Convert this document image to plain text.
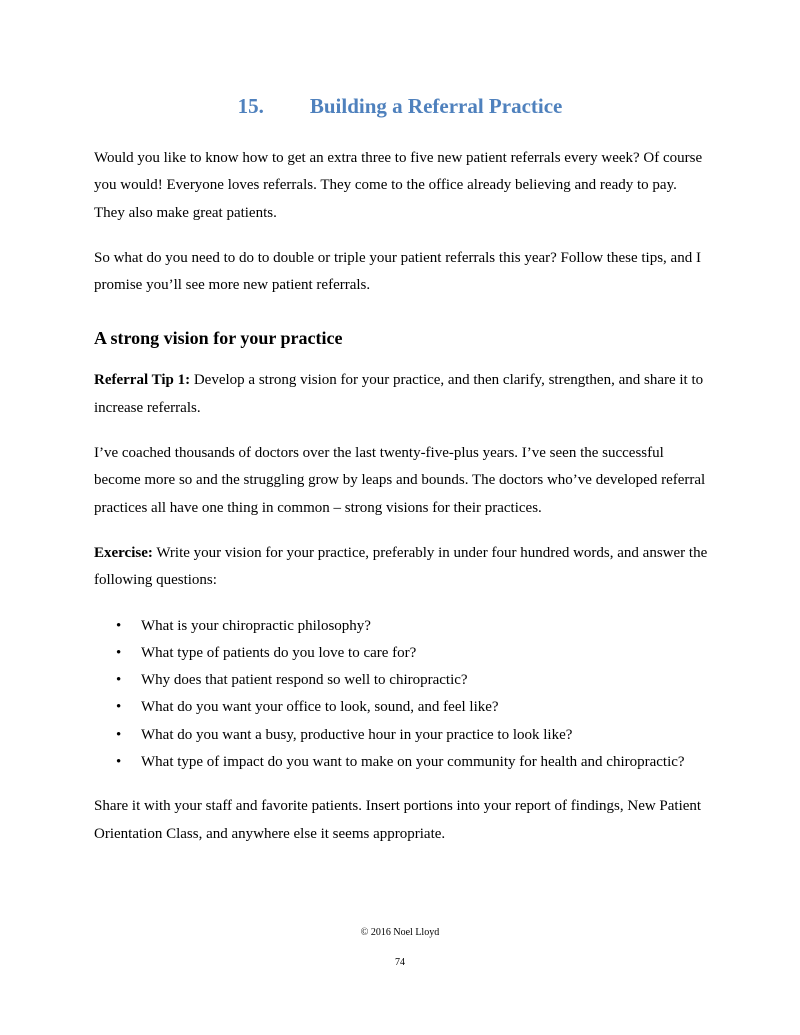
15. Building a Referral Practice

Would you like to know how to get an extra three to five new patient referrals every week? Of course you would! Everyone loves referrals. They come to the office already believing and ready to pay. They also make great patients.

So what do you need to do to double or triple your patient referrals this year? Follow these tips, and I promise you’ll see more new patient referrals.

A strong vision for your practice

Referral Tip 1: Develop a strong vision for your practice, and then clarify, strengthen, and share it to increase referrals.

I’ve coached thousands of doctors over the last twenty-five-plus years. I’ve seen the successful become more so and the struggling grow by leaps and bounds. The doctors who’ve developed referral practices all have one thing in common – strong visions for their practices.

Exercise: Write your vision for your practice, preferably in under four hundred words, and answer the following questions:

• What is your chiropractic philosophy?
• What type of patients do you love to care for?
• Why does that patient respond so well to chiropractic?
• What do you want your office to look, sound, and feel like?
• What do you want a busy, productive hour in your practice to look like?
• What type of impact do you want to make on your community for health and chiropractic?

Share it with your staff and favorite patients. Insert portions into your report of findings, New Patient Orientation Class, and anywhere else it seems appropriate.

© 2016 Noel Lloyd
74
